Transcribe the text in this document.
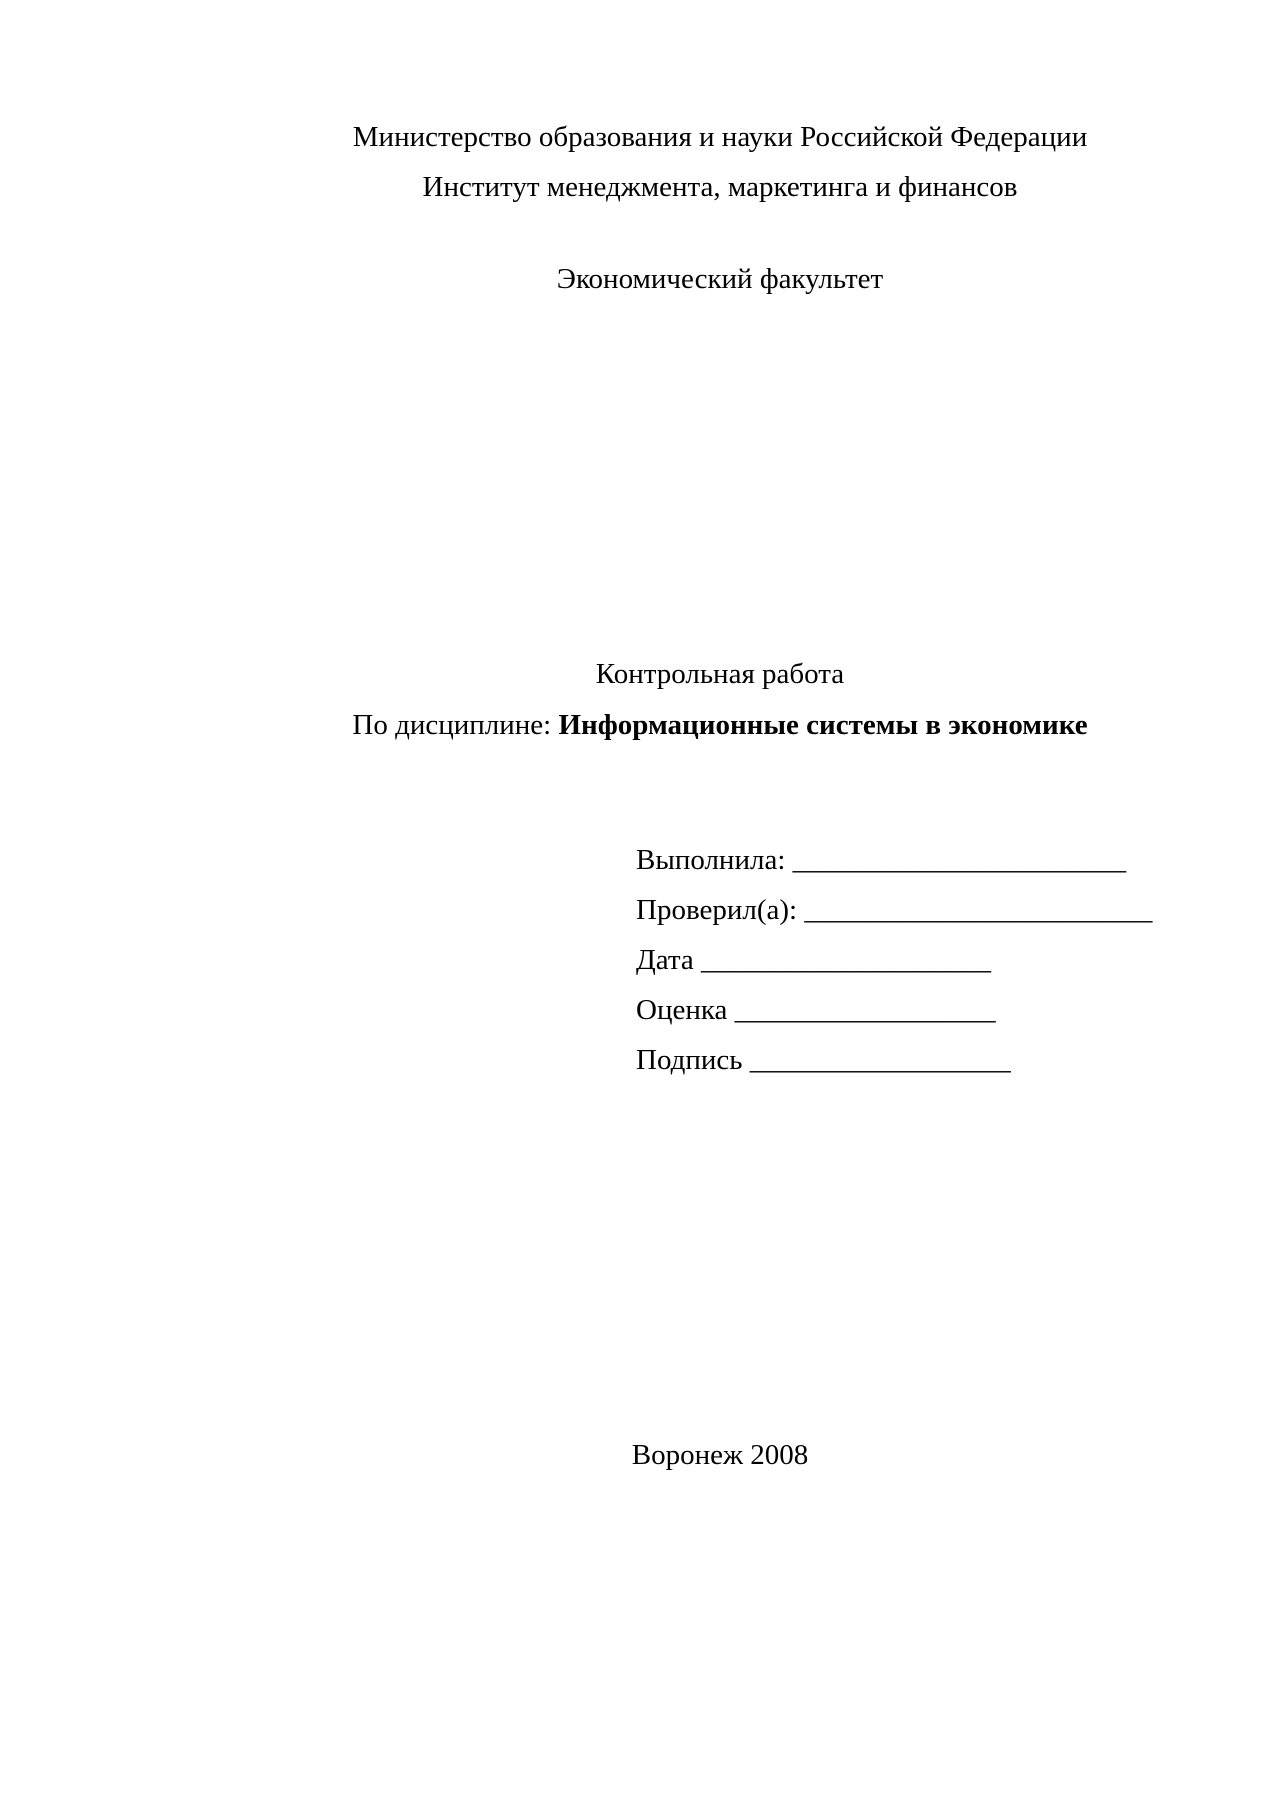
Министерство образования и науки Российской Федерации
Институт менеджмента, маркетинга и финансов
Экономический факультет
Контрольная работа
По дисциплине: Информационные системы в экономике
Выполнила: _______________________
Проверил(а): ________________________
Дата ____________________
Оценка __________________
Подпись __________________
Воронеж 2008
